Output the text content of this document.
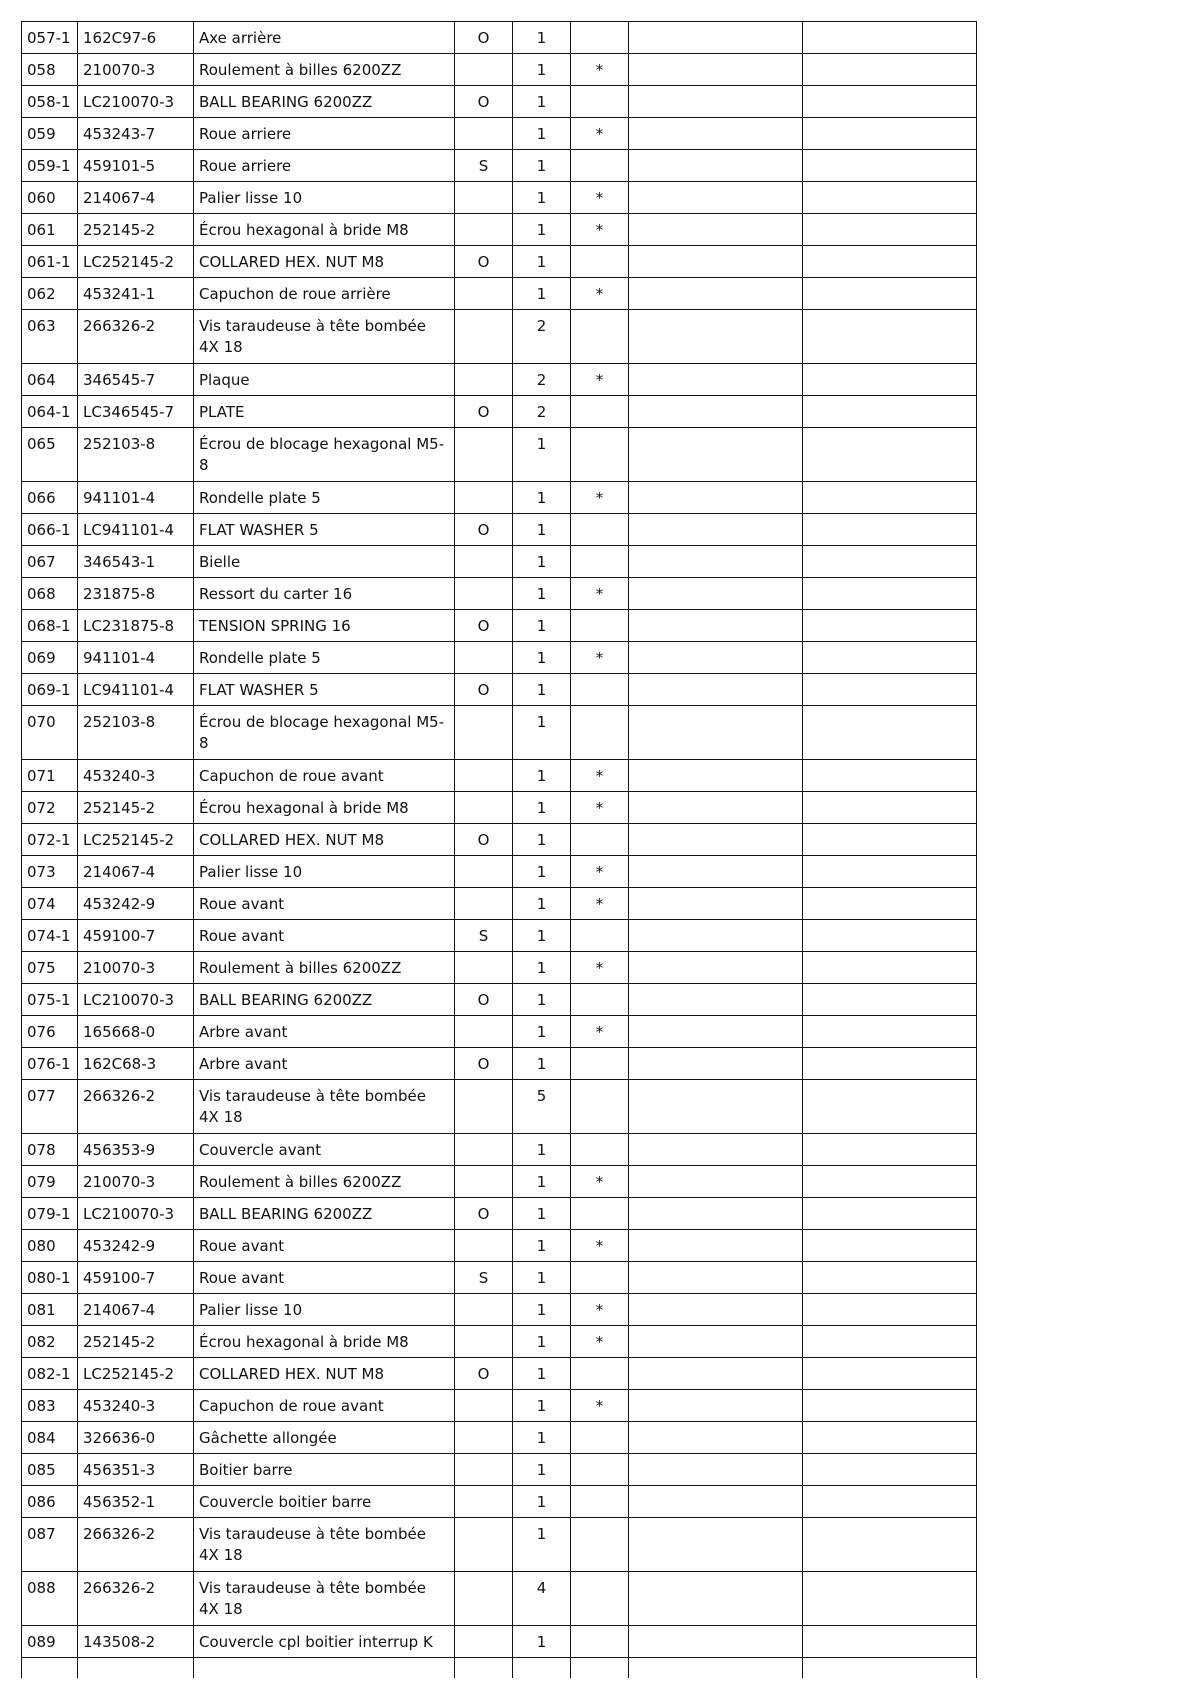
057-1	162C97-6	Axe arrière	O	1			
058	210070-3	Roulement à billes 6200ZZ		1	*		
058-1	LC210070-3	BALL BEARING 6200ZZ	O	1			
059	453243-7	Roue arriere		1	*		
059-1	459101-5	Roue arriere	S	1			
060	214067-4	Palier lisse 10		1	*		
061	252145-2	Écrou hexagonal à bride M8		1	*		
061-1	LC252145-2	COLLARED HEX. NUT M8	O	1			
062	453241-1	Capuchon de roue arrière		1	*		
063	266326-2	Vis taraudeuse à tête bombée 4X 18		2			
064	346545-7	Plaque		2	*		
064-1	LC346545-7	PLATE	O	2			
065	252103-8	Écrou de blocage hexagonal M5-8		1			
066	941101-4	Rondelle plate 5		1	*		
066-1	LC941101-4	FLAT WASHER 5	O	1			
067	346543-1	Bielle		1			
068	231875-8	Ressort du carter 16		1	*		
068-1	LC231875-8	TENSION SPRING 16	O	1			
069	941101-4	Rondelle plate 5		1	*		
069-1	LC941101-4	FLAT WASHER 5	O	1			
070	252103-8	Écrou de blocage hexagonal M5-8		1			
071	453240-3	Capuchon de roue avant		1	*		
072	252145-2	Écrou hexagonal à bride M8		1	*		
072-1	LC252145-2	COLLARED HEX. NUT M8	O	1			
073	214067-4	Palier lisse 10		1	*		
074	453242-9	Roue avant		1	*		
074-1	459100-7	Roue avant	S	1			
075	210070-3	Roulement à billes 6200ZZ		1	*		
075-1	LC210070-3	BALL BEARING 6200ZZ	O	1			
076	165668-0	Arbre avant		1	*		
076-1	162C68-3	Arbre avant	O	1			
077	266326-2	Vis taraudeuse à tête bombée 4X 18		5			
078	456353-9	Couvercle avant		1			
079	210070-3	Roulement à billes 6200ZZ		1	*		
079-1	LC210070-3	BALL BEARING 6200ZZ	O	1			
080	453242-9	Roue avant		1	*		
080-1	459100-7	Roue avant	S	1			
081	214067-4	Palier lisse 10		1	*		
082	252145-2	Écrou hexagonal à bride M8		1	*		
082-1	LC252145-2	COLLARED HEX. NUT M8	O	1			
083	453240-3	Capuchon de roue avant		1	*		
084	326636-0	Gâchette allongée		1			
085	456351-3	Boitier barre		1			
086	456352-1	Couvercle boitier barre		1			
087	266326-2	Vis taraudeuse à tête bombée 4X 18		1			
088	266326-2	Vis taraudeuse à tête bombée 4X 18		4			
089	143508-2	Couvercle cpl boitier interrup K		1			
